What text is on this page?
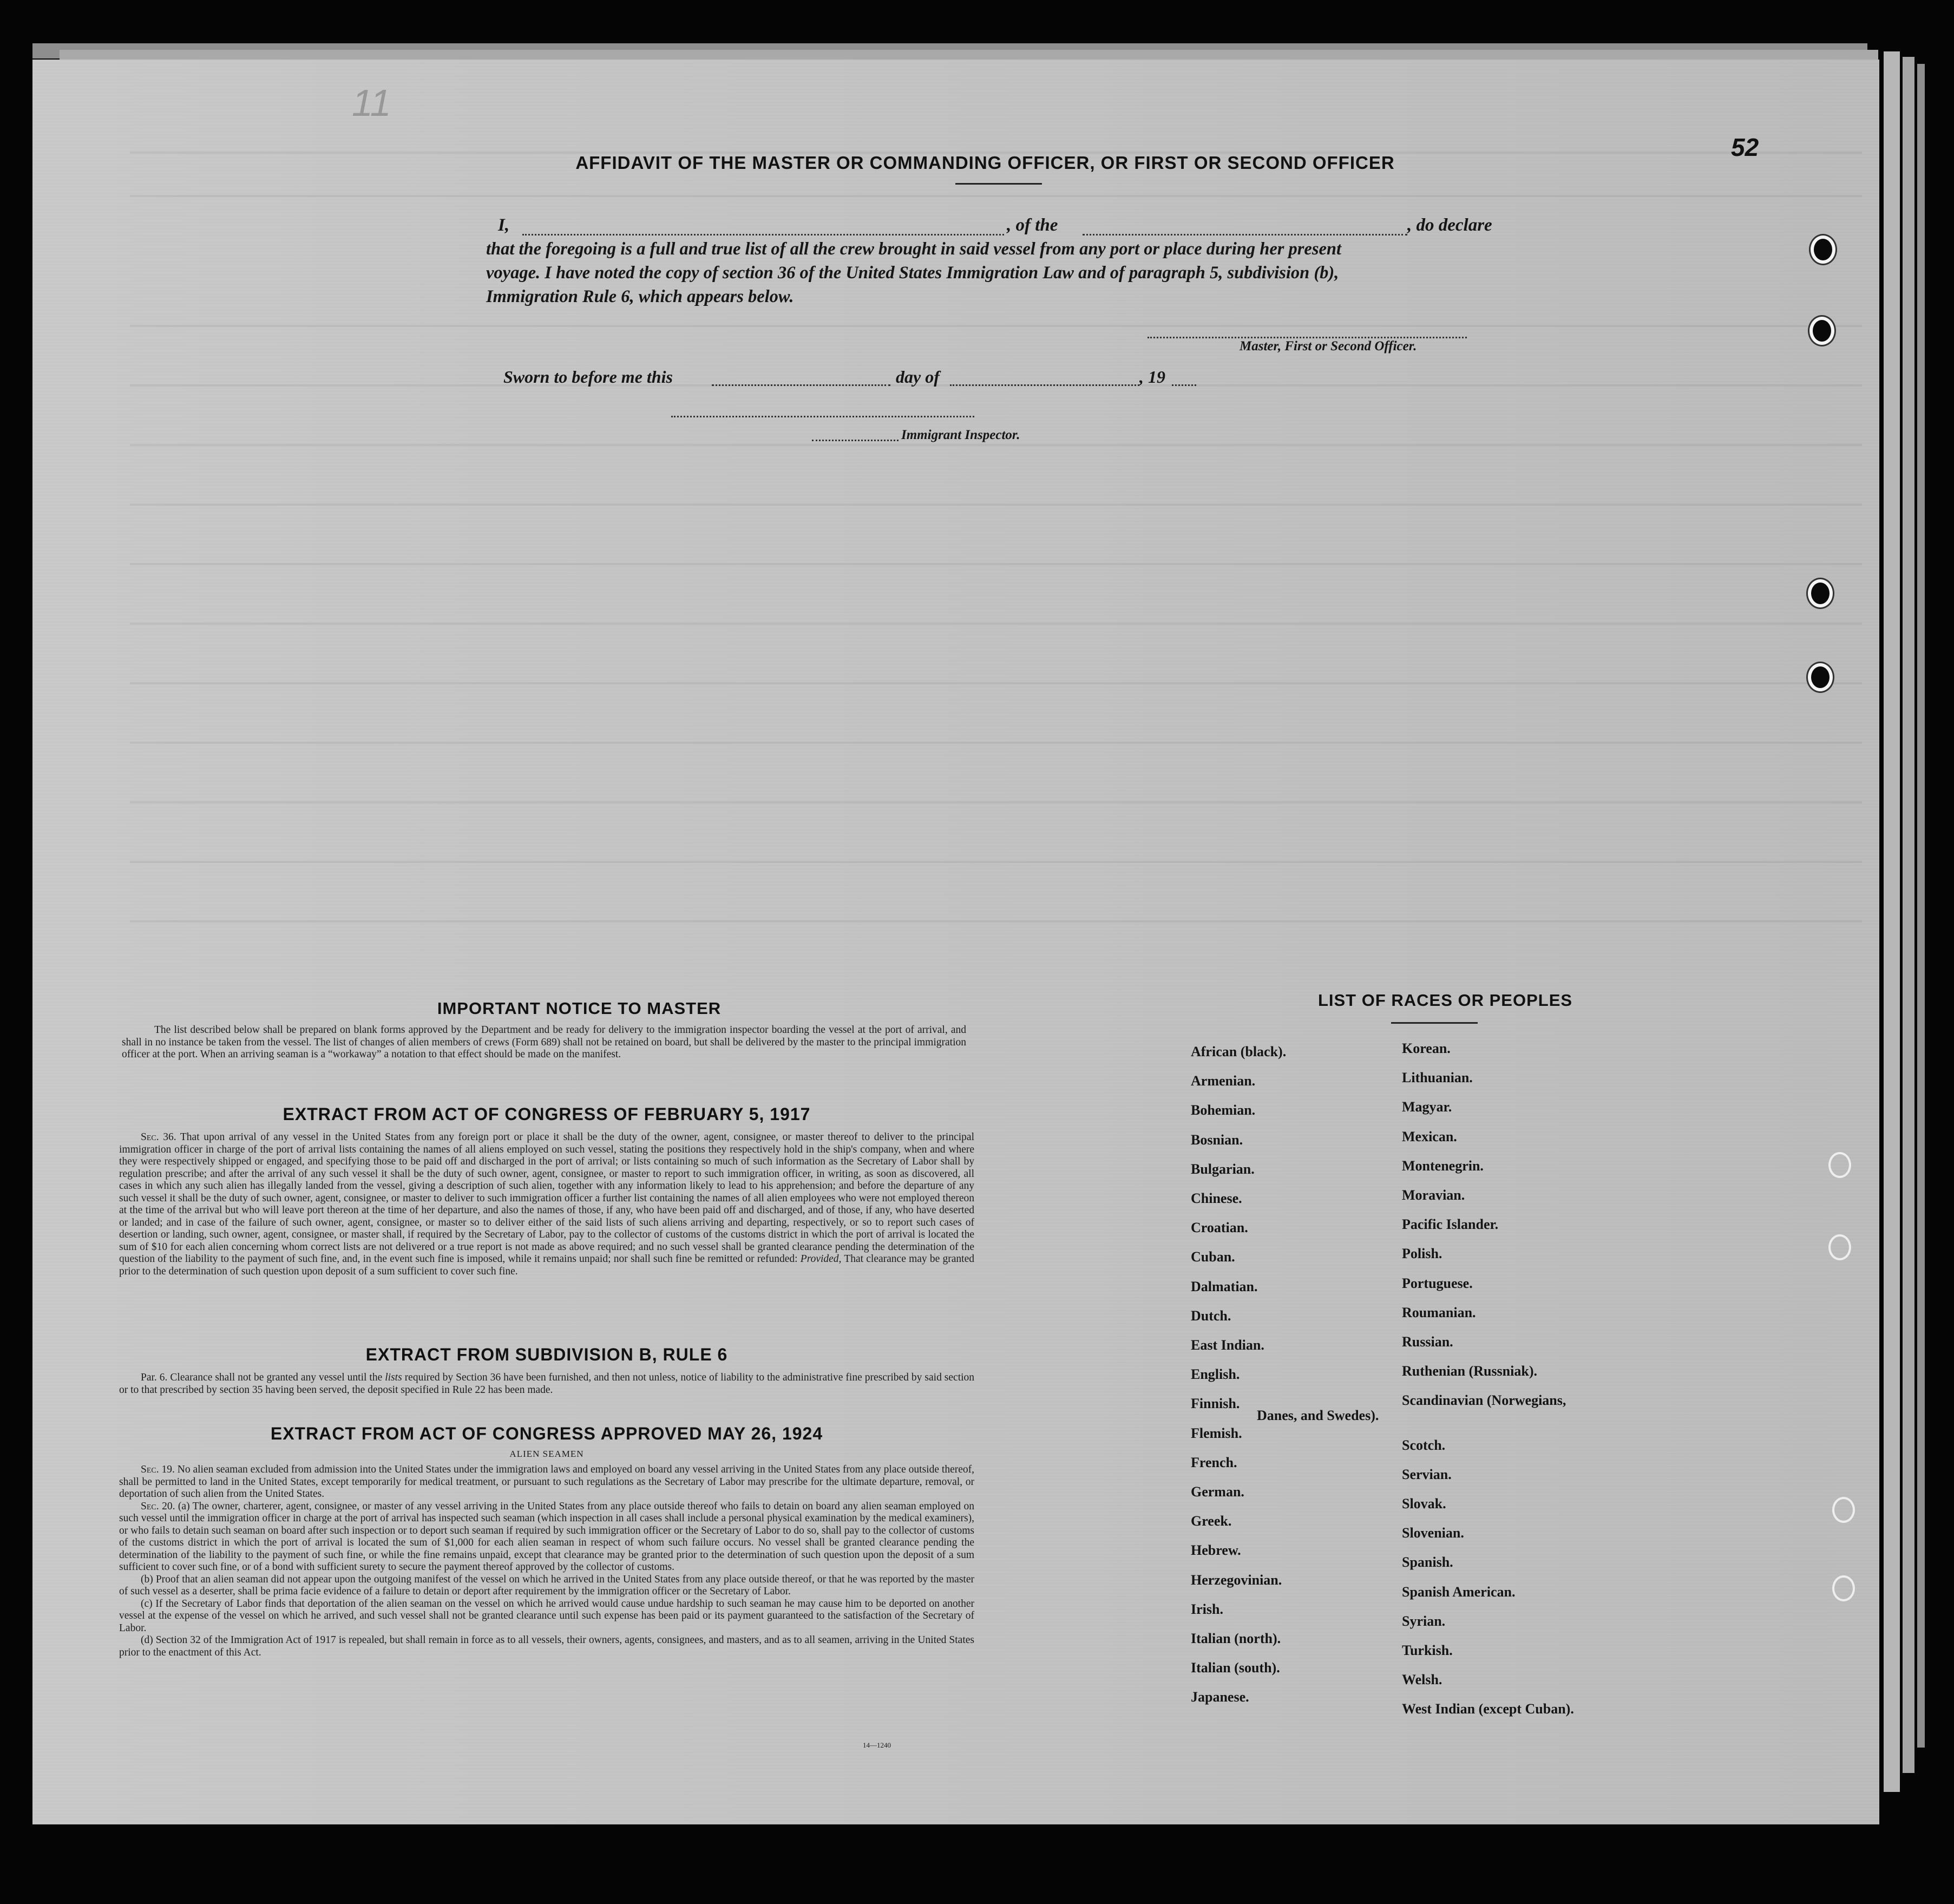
11
52
AFFIDAVIT OF THE MASTER OR COMMANDING OFFICER, OR FIRST OR SECOND OFFICER
I,	, of the	, do declare
that the foregoing is a full and true list of all the crew brought in said vessel from any port or place during her present
voyage. I have noted the copy of section 36 of the United States Immigration Law and of paragraph 5, subdivision (b),
Immigration Rule 6, which appears below.
Master, First or Second Officer.
Sworn to before me this	day of	, 19
Immigrant Inspector.
IMPORTANT NOTICE TO MASTER
The list described below shall be prepared on blank forms approved by the Department and be ready for delivery to the immigration inspector boarding the vessel at the port of arrival, and shall in no instance be taken from the vessel. The list of changes of alien members of crews (Form 689) shall not be retained on board, but shall be delivered by the master to the principal immigration officer at the port. When an arriving seaman is a “workaway” a notation to that effect should be made on the manifest.
EXTRACT FROM ACT OF CONGRESS OF FEBRUARY 5, 1917
Sec. 36. That upon arrival of any vessel in the United States from any foreign port or place it shall be the duty of the owner, agent, consignee, or master thereof to deliver to the principal immigration officer in charge of the port of arrival lists containing the names of all aliens employed on such vessel, stating the positions they respectively hold in the ship's company, when and where they were respectively shipped or engaged, and specifying those to be paid off and discharged in the port of arrival; or lists containing so much of such information as the Secretary of Labor shall by regulation prescribe; and after the arrival of any such vessel it shall be the duty of such owner, agent, consignee, or master to report to such immigration officer, in writing, as soon as discovered, all cases in which any such alien has illegally landed from the vessel, giving a description of such alien, together with any information likely to lead to his apprehension; and before the departure of any such vessel it shall be the duty of such owner, agent, consignee, or master to deliver to such immigration officer a further list containing the names of all alien employees who were not employed thereon at the time of the arrival but who will leave port thereon at the time of her departure, and also the names of those, if any, who have been paid off and discharged, and of those, if any, who have deserted or landed; and in case of the failure of such owner, agent, consignee, or master so to deliver either of the said lists of such aliens arriving and departing, respectively, or so to report such cases of desertion or landing, such owner, agent, consignee, or master shall, if required by the Secretary of Labor, pay to the collector of customs of the customs district in which the port of arrival is located the sum of $10 for each alien concerning whom correct lists are not delivered or a true report is not made as above required; and no such vessel shall be granted clearance pending the determination of the question of the liability to the payment of such fine, and, in the event such fine is imposed, while it remains unpaid; nor shall such fine be remitted or refunded: Provided, That clearance may be granted prior to the determination of such question upon deposit of a sum sufficient to cover such fine.
EXTRACT FROM SUBDIVISION B, RULE 6
Par. 6. Clearance shall not be granted any vessel until the lists required by Section 36 have been furnished, and then not unless, notice of liability to the administrative fine prescribed by said section or to that prescribed by section 35 having been served, the deposit specified in Rule 22 has been made.
EXTRACT FROM ACT OF CONGRESS APPROVED MAY 26, 1924
ALIEN SEAMEN
Sec. 19. No alien seaman excluded from admission into the United States under the immigration laws and employed on board any vessel arriving in the United States from any place outside thereof, shall be permitted to land in the United States, except temporarily for medical treatment, or pursuant to such regulations as the Secretary of Labor may prescribe for the ultimate departure, removal, or deportation of such alien from the United States.
Sec. 20. (a) The owner, charterer, agent, consignee, or master of any vessel arriving in the United States from any place outside thereof who fails to detain on board any alien seaman employed on such vessel until the immigration officer in charge at the port of arrival has inspected such seaman (which inspection in all cases shall include a personal physical examination by the medical examiners), or who fails to detain such seaman on board after such inspection or to deport such seaman if required by such immigration officer or the Secretary of Labor to do so, shall pay to the collector of customs of the customs district in which the port of arrival is located the sum of $1,000 for each alien seaman in respect of whom such failure occurs. No vessel shall be granted clearance pending the determination of the liability to the payment of such fine, or while the fine remains unpaid, except that clearance may be granted prior to the determination of such question upon the deposit of a sum sufficient to cover such fine, or of a bond with sufficient surety to secure the payment thereof approved by the collector of customs.
(b) Proof that an alien seaman did not appear upon the outgoing manifest of the vessel on which he arrived in the United States from any place outside thereof, or that he was reported by the master of such vessel as a deserter, shall be prima facie evidence of a failure to detain or deport after requirement by the immigration officer or the Secretary of Labor.
(c) If the Secretary of Labor finds that deportation of the alien seaman on the vessel on which he arrived would cause undue hardship to such seaman he may cause him to be deported on another vessel at the expense of the vessel on which he arrived, and such vessel shall not be granted clearance until such expense has been paid or its payment guaranteed to the satisfaction of the Secretary of Labor.
(d) Section 32 of the Immigration Act of 1917 is repealed, but shall remain in force as to all vessels, their owners, agents, consignees, and masters, and as to all seamen, arriving in the United States prior to the enactment of this Act.
14—1240
LIST OF RACES OR PEOPLES
African (black).
Armenian.
Bohemian.
Bosnian.
Bulgarian.
Chinese.
Croatian.
Cuban.
Dalmatian.
Dutch.
East Indian.
English.
Finnish.
Flemish.
French.
German.
Greek.
Hebrew.
Herzegovinian.
Irish.
Italian (north).
Italian (south).
Japanese.
Korean.
Lithuanian.
Magyar.
Mexican.
Montenegrin.
Moravian.
Pacific Islander.
Polish.
Portuguese.
Roumanian.
Russian.
Ruthenian (Russniak).
Scandinavian (Norwegians,
Danes, and Swedes).
Scotch.
Servian.
Slovak.
Slovenian.
Spanish.
Spanish American.
Syrian.
Turkish.
Welsh.
West Indian (except Cuban).
